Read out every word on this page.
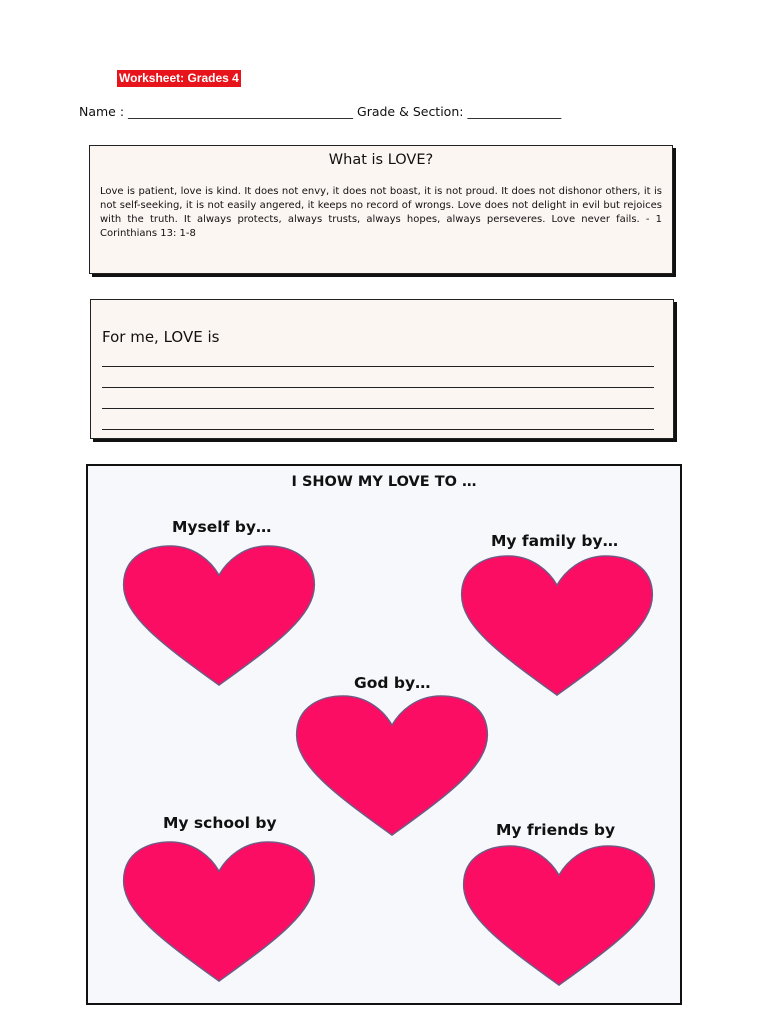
Worksheet: Grades 4
Name : ____________________________________ Grade & Section: _______________
What is LOVE?
Love is patient, love is kind. It does not envy, it does not boast, it is not proud. It does not dishonor others, it is not self-seeking, it is not easily angered, it keeps no record of wrongs. Love does not delight in evil but rejoices with the truth. It always protects, always trusts, always hopes, always perseveres. Love never fails. - 1 Corinthians 13: 1-8
For me, LOVE is
I SHOW MY LOVE TO …
Myself by…
My family by…
God by…
My school by	My friends by
